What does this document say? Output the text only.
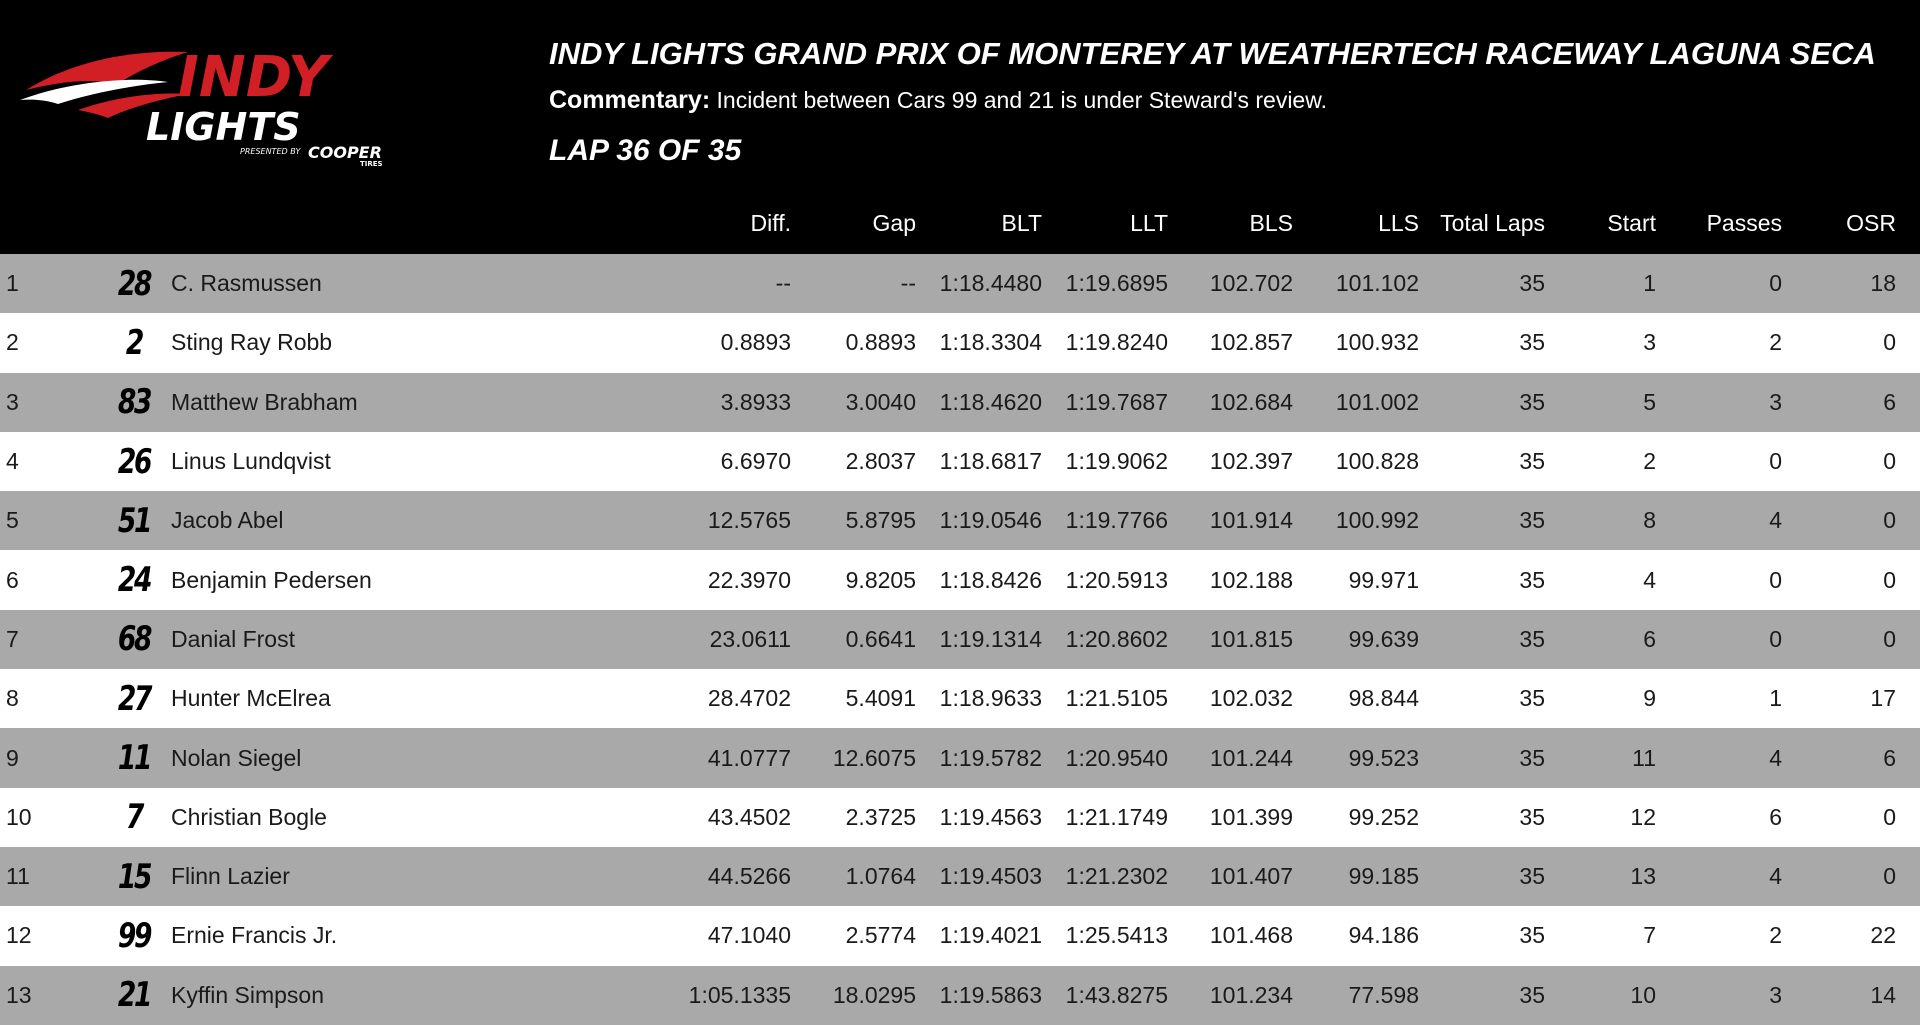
INDY
LIGHTS
PRESENTED BY COOPER
TIRES
INDY LIGHTS GRAND PRIX OF MONTEREY AT WEATHERTECH RACEWAY LAGUNA SECA
Commentary: Incident between Cars 99 and 21 is under Steward's review.
LAP 36 OF 35
Diff.	Gap	BLT	LLT	BLS	LLS Total Laps	Start	Passes	OSR
1	28 C. Rasmussen	--	--	1:18.4480	1:19.6895	102.702	101.102	35	1	0	18
2	2	Sting Ray Robb	0.8893	0.8893	1:18.3304	1:19.8240	102.857	100.932	35	3	2	0
3	83 Matthew Brabham	3.8933	3.0040	1:18.4620	1:19.7687	102.684	101.002	35	5	3	6
4	26 Linus Lundqvist	6.6970	2.8037	1:18.6817	1:19.9062	102.397	100.828	35	2	0	0
5	51 Jacob Abel	12.5765	5.8795	1:19.0546	1:19.7766	101.914	100.992	35	8	4	0
6	24 Benjamin Pedersen	22.3970	9.8205	1:18.8426	1:20.5913	102.188	99.971	35	4	0	0
7	68 Danial Frost	23.0611	0.6641	1:19.1314	1:20.8602	101.815	99.639	35	6	0	0
8	27 Hunter McElrea	28.4702	5.4091	1:18.9633	1:21.5105	102.032	98.844	35	9	1	17
9	11 Nolan Siegel	41.0777	12.6075	1:19.5782	1:20.9540	101.244	99.523	35	11	4	6
10	7	Christian Bogle	43.4502	2.3725	1:19.4563	1:21.1749	101.399	99.252	35	12	6	0
11	15 Flinn Lazier	44.5266	1.0764	1:19.4503	1:21.2302	101.407	99.185	35	13	4	0
12	99 Ernie Francis Jr.	47.1040	2.5774	1:19.4021	1:25.5413	101.468	94.186	35	7	2	22
13	21 Kyffin Simpson	1:05.1335	18.0295	1:19.5863	1:43.8275	101.234	77.598	35	10	3	14
